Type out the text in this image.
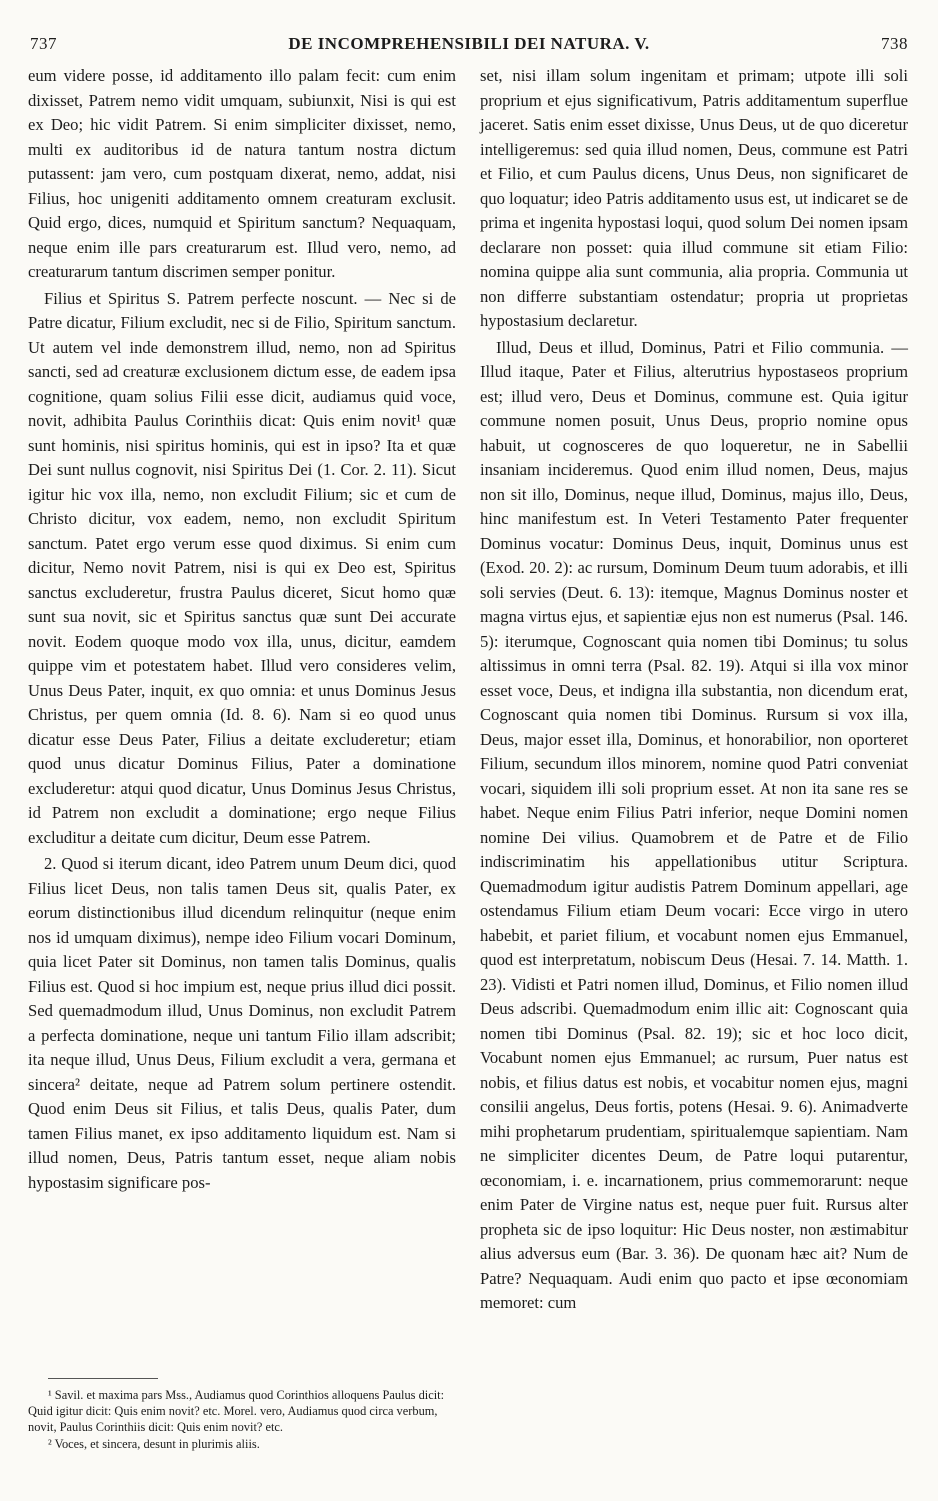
737	DE INCOMPREHENSIBILI DEI NATURA. V.	738

eum videre posse, id additamento illo palam fecit: cum enim dixisset, Patrem nemo vidit umquam, subiunxit, Nisi is qui est ex Deo; hic vidit Patrem. Si enim simpliciter dixisset, nemo, multi ex auditoribus id de natura tantum nostra dictum putassent: jam vero, cum postquam dixerat, nemo, addat, nisi Filius, hoc unigeniti additamento omnem creaturam exclusit. Quid ergo, dices, numquid et Spiritum sanctum? Nequaquam, neque enim ille pars creaturarum est. Illud vero, nemo, ad creaturarum tantum discrimen semper ponitur.

Filius et Spiritus S. Patrem perfecte noscunt. — Nec si de Patre dicatur, Filium excludit, nec si de Filio, Spiritum sanctum. Ut autem vel inde demonstrem illud, nemo, non ad Spiritus sancti, sed ad creaturæ exclusionem dictum esse, de eadem ipsa cognitione, quam solius Filii esse dicit, audiamus quid voce, novit, adhibita Paulus Corinthiis dicat: Quis enim novit¹ quæ sunt hominis, nisi spiritus hominis, qui est in ipso? Ita et quæ Dei sunt nullus cognovit, nisi Spiritus Dei (1. Cor. 2. 11). Sicut igitur hic vox illa, nemo, non excludit Filium; sic et cum de Christo dicitur, vox eadem, nemo, non excludit Spiritum sanctum. Patet ergo verum esse quod diximus. Si enim cum dicitur, Nemo novit Patrem, nisi is qui ex Deo est, Spiritus sanctus excluderetur, frustra Paulus diceret, Sicut homo quæ sunt sua novit, sic et Spiritus sanctus quæ sunt Dei accurate novit. Eodem quoque modo vox illa, unus, dicitur, eamdem quippe vim et potestatem habet. Illud vero consideres velim, Unus Deus Pater, inquit, ex quo omnia: et unus Dominus Jesus Christus, per quem omnia (Id. 8. 6). Nam si eo quod unus dicatur esse Deus Pater, Filius a deitate excluderetur; etiam quod unus dicatur Dominus Filius, Pater a dominatione excluderetur: atqui quod dicatur, Unus Dominus Jesus Christus, id Patrem non excludit a dominatione; ergo neque Filius excluditur a deitate cum dicitur, Deum esse Patrem.

2. Quod si iterum dicant, ideo Patrem unum Deum dici, quod Filius licet Deus, non talis tamen Deus sit, qualis Pater, ex eorum distinctionibus illud dicendum relinquitur (neque enim nos id umquam diximus), nempe ideo Filium vocari Dominum, quia licet Pater sit Dominus, non tamen talis Dominus, qualis Filius est. Quod si hoc impium est, neque prius illud dici possit. Sed quemadmodum illud, Unus Dominus, non excludit Patrem a perfecta dominatione, neque uni tantum Filio illam adscribit; ita neque illud, Unus Deus, Filium excludit a vera, germana et sincera² deitate, neque ad Patrem solum pertinere ostendit. Quod enim Deus sit Filius, et talis Deus, qualis Pater, dum tamen Filius manet, ex ipso additamento liquidum est. Nam si illud nomen, Deus, Patris tantum esset, neque aliam nobis hypostasim significare pos-

set, nisi illam solum ingenitam et primam; utpote illi soli proprium et ejus significativum, Patris additamentum superflue jaceret. Satis enim esset dixisse, Unus Deus, ut de quo diceretur intelligeremus: sed quia illud nomen, Deus, commune est Patri et Filio, et cum Paulus dicens, Unus Deus, non significaret de quo loquatur; ideo Patris additamento usus est, ut indicaret se de prima et ingenita hypostasi loqui, quod solum Dei nomen ipsam declarare non posset: quia illud commune sit etiam Filio: nomina quippe alia sunt communia, alia propria. Communia ut non differre substantiam ostendatur; propria ut proprietas hypostasium declaretur.

Illud, Deus et illud, Dominus, Patri et Filio communia. — Illud itaque, Pater et Filius, alterutrius hypostaseos proprium est; illud vero, Deus et Dominus, commune est. Quia igitur commune nomen posuit, Unus Deus, proprio nomine opus habuit, ut cognosceres de quo loqueretur, ne in Sabellii insaniam incideremus. Quod enim illud nomen, Deus, majus non sit illo, Dominus, neque illud, Dominus, majus illo, Deus, hinc manifestum est. In Veteri Testamento Pater frequenter Dominus vocatur: Dominus Deus, inquit, Dominus unus est (Exod. 20. 2): ac rursum, Dominum Deum tuum adorabis, et illi soli servies (Deut. 6. 13): itemque, Magnus Dominus noster et magna virtus ejus, et sapientiæ ejus non est numerus (Psal. 146. 5): iterumque, Cognoscant quia nomen tibi Dominus; tu solus altissimus in omni terra (Psal. 82. 19). Atqui si illa vox minor esset voce, Deus, et indigna illa substantia, non dicendum erat, Cognoscant quia nomen tibi Dominus. Rursum si vox illa, Deus, major esset illa, Dominus, et honorabilior, non oporteret Filium, secundum illos minorem, nomine quod Patri conveniat vocari, siquidem illi soli proprium esset. At non ita sane res se habet. Neque enim Filius Patri inferior, neque Domini nomen nomine Dei vilius. Quamobrem et de Patre et de Filio indiscriminatim his appellationibus utitur Scriptura. Quemadmodum igitur audistis Patrem Dominum appellari, age ostendamus Filium etiam Deum vocari: Ecce virgo in utero habebit, et pariet filium, et vocabunt nomen ejus Emmanuel, quod est interpretatum, nobiscum Deus (Hesai. 7. 14. Matth. 1. 23). Vidisti et Patri nomen illud, Dominus, et Filio nomen illud Deus adscribi. Quemadmodum enim illic ait: Cognoscant quia nomen tibi Dominus (Psal. 82. 19); sic et hoc loco dicit, Vocabunt nomen ejus Emmanuel; ac rursum, Puer natus est nobis, et filius datus est nobis, et vocabitur nomen ejus, magni consilii angelus, Deus fortis, potens (Hesai. 9. 6). Animadverte mihi prophetarum prudentiam, spiritualemque sapientiam. Nam ne simpliciter dicentes Deum, de Patre loqui putarentur, œconomiam, i. e. incarnationem, prius commemorarunt: neque enim Pater de Virgine natus est, neque puer fuit. Rursus alter propheta sic de ipso loquitur: Hic Deus noster, non æstimabitur alius adversus eum (Bar. 3. 36). De quonam hæc ait? Num de Patre? Nequaquam. Audi enim quo pacto et ipse œconomiam memoret: cum

¹ Savil. et maxima pars Mss., Audiamus quod Corinthios alloquens Paulus dicit: Quid igitur dicit: Quis enim novit? etc. Morel. vero, Audiamus quod circa verbum, novit, Paulus Corinthiis dicit: Quis enim novit? etc.

² Voces, et sincera, desunt in plurimis aliis.
